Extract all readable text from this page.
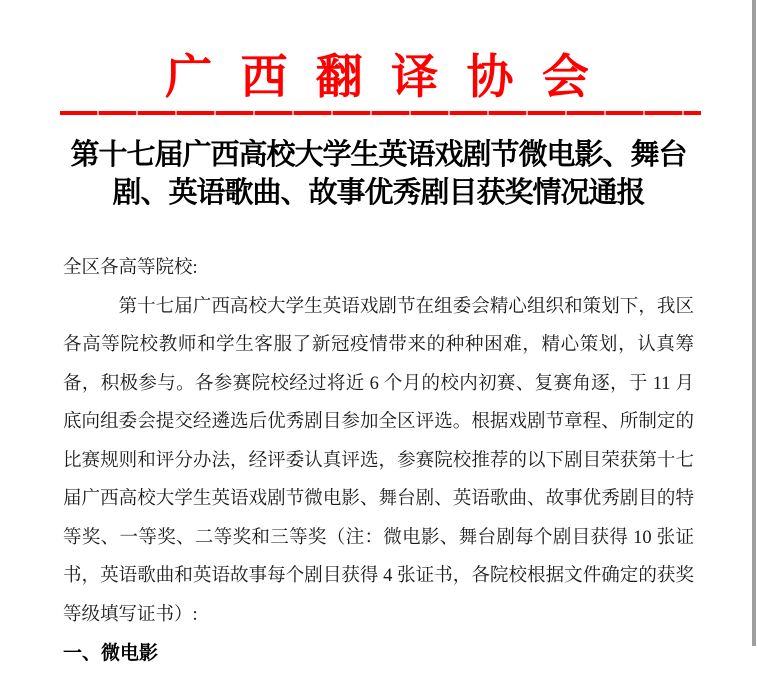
广 西 翻 译 协 会
第十七届广西高校大学生英语戏剧节微电影、舞台
剧、英语歌曲、故事优秀剧目获奖情况通报

全区各高等院校:

第十七届广西高校大学生英语戏剧节在组委会精心组织和策划下，我区各高等院校教师和学生客服了新冠疫情带来的种种困难，精心策划，认真筹备，积极参与。各参赛院校经过将近 6 个月的校内初赛、复赛角逐，于 11 月底向组委会提交经遴选后优秀剧目参加全区评选。根据戏剧节章程、所制定的比赛规则和评分办法，经评委认真评选，参赛院校推荐的以下剧目荣获第十七届广西高校大学生英语戏剧节微电影、舞台剧、英语歌曲、故事优秀剧目的特等奖、一等奖、二等奖和三等奖（注：微电影、舞台剧每个剧目获得 10 张证书，英语歌曲和英语故事每个剧目获得 4 张证书，各院校根据文件确定的获奖等级填写证书）:

一、微电影
